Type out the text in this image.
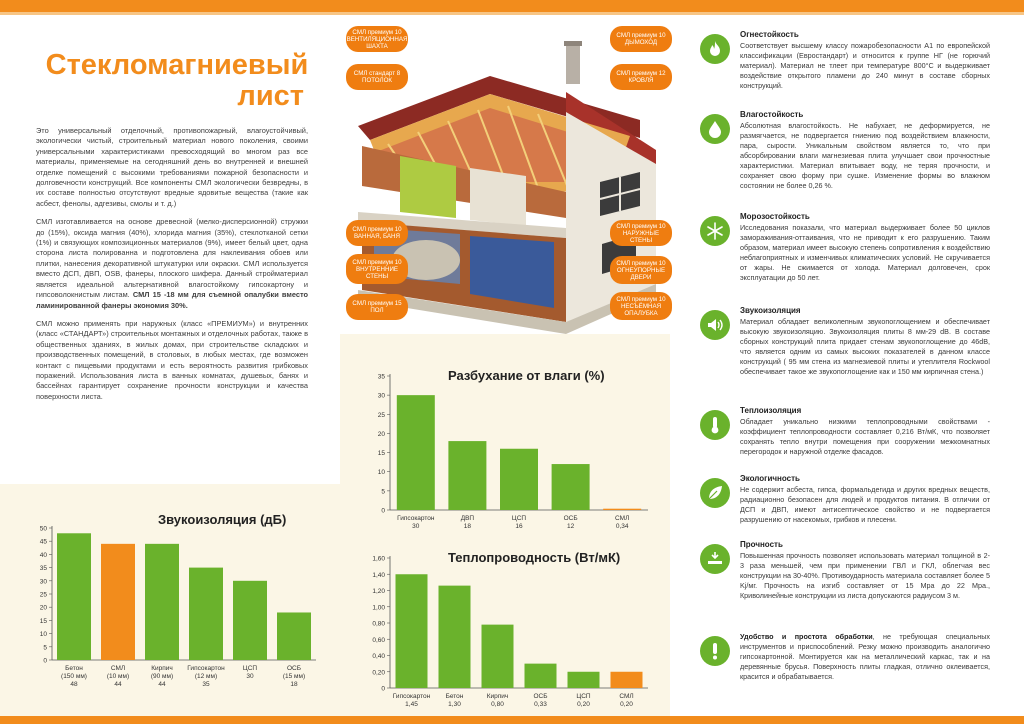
Стекломагниевый
лист

Это универсальный отделочный, противопожарный, влагоустойчивый, экологически чистый, строительный материал нового поколения, своими универсальными характеристиками превосходящий во многом раз все материалы, применяемые на сегодняшний день во внутренней и внешней отделке помещений с высокими требованиями пожарной безопасности и долговечности конструкций. Все компоненты СМЛ экологически безвредны, в их составе полностью отсутствуют вредные ядовитые вещества (такие как асбест, фенолы, адгезивы, смолы и т. д.)

СМЛ изготавливается на основе древесной (мелко-дисперсионной) стружки до (15%), оксида магния (40%), хлорида магния (35%), стеклотканой сетки (1%) и связующих композиционных материалов (9%), имеет белый цвет, одна сторона листа полированна и подготовлена для наклеивания обоев или плитки, нанесения декоративной штукатурки или окраски. СМЛ используется вместо ДСП, ДВП, OSB, фанеры, плоского шифера. Данный стройматериал является идеальной альтернативной влагостойкому гипсокартону и гипсоволокнистым листам. СМЛ 15 -18 мм для съемной опалубки вместо ламинированной фанеры экономия 30%.

СМЛ можно применять при наружных (класс «ПРЕМИУМ») и внутренних (класс «СТАНДАРТ») строительных монтажных и отделочных работах, также в общественных зданиях, в жилых домах, при строительстве складских и производственных помещений, в столовых, в любых местах, где возможен контакт с пищевыми продуктами и есть вероятность развития грибковых поражений. Использования листа в ванных комнатах, душевых, банях и бассейнах гарантирует сохранение прочности конструкции и качества поверхности листа.

СМЛ премиум 10 ВЕНТИЛЯЦИОННАЯ ШАХТА
СМЛ стандарт 8 ПОТОЛОК
СМЛ премиум 10 ДЫМОХОД
СМЛ премиум 12 КРОВЛЯ
СМЛ премиум 10 ВАННАЯ, БАНЯ
СМЛ премиум 10 ВНУТРЕННИЕ СТЕНЫ
СМЛ премиум 15 ПОЛ
СМЛ премиум 10 НАРУЖНЫЕ СТЕНЫ
СМЛ премиум 10 ОГНЕУПОРНЫЕ ДВЕРИ
СМЛ премиум 10 НЕСЪЁМНАЯ ОПАЛУБКА
Звукоизоляция (дБ)
Разбухание от влаги (%)
Теплопроводность (Вт/мК)
0
5
10
15
20
25
30
35
40
45
50
Бетон
(150 мм)
48
СМЛ
(10 мм)
44
Кирпич
(90 мм)
44
Гипсокартон
(12 мм)
35
ЦСП
30
ОСБ
(15 мм)
18
0
5
10
15
20
25
30
35
Гипсокартон
30
ДВП
18
ЦСП
16
ОСБ
12
СМЛ
0,34
0
0,20
0,40
0,60
0,80
1,00
1,20
1,40
1,60
Гипсокартон
1,45
Бетон
1,30
Кирпич
0,80
ОСБ
0,33
ЦСП
0,20
СМЛ
0,20
Огнестойкость
Соответствует высшему классу пожаробезопасности А1 по европейской классификации (Евростандарт) и относится к группе НГ (не горючий материал). Материал не тлеет при температуре 800°С и выдерживает воздействие открытого пламени до 240 минут в составе сборных конструкций.
Влагостойкость
Абсолютная влагостойкость. Не набухает, не деформируется, не размягчается, не подвергается гниению под воздействием влажности, пара, сырости. Уникальным свойством является то, что при абсорбировании влаги магнезиевая плита улучшает свои прочностные характеристики. Материал впитывает воду, не теряя прочности, и сохраняет свою форму при сушке. Изменение формы во влажном состоянии не более 0,26 %.
Морозостойкость
Исследования показали, что материал выдерживает более 50 циклов замораживания-оттаивания, что не приводит к его разрушению. Таким образом, материал имеет высокую степень сопротивления к воздействию неблагоприятных и изменчивых климатических условий. Не скручивается от жары. Не сжимается от холода. Материал долговечен, срок эксплуатации до 50 лет.
Звукоизоляция
Материал обладает великолепным звукопоглощением и обеспечивает высокую звукоизоляцию. Звукоизоляция плиты 8 мм-29 dB. В составе сборных конструкций плита придает стенам звукопоглощение до 46dB, что является одним из самых высоких показателей в данном классе конструкций ( 95 мм стена из магнезиевой плиты и утеплителя Rockwool обеспечивает такое же звукопоглощение как и 150 мм кирпичная стена.)
Теплоизоляция
Обладает уникально низкими теплопроводными свойствами - коэффициент теплопроводности составляет 0,216 Вт/мК, что позволяет сохранять тепло внутри помещения при сооружении межкомнатных перегородок и наружной отделке фасадов.
Экологичность
Не содержит асбеста, гипса, формальдегида и других вредных веществ, радиационно безопасен для людей и продуктов питания. В отличии от ДСП и ДВП, имеют антисептическое свойство и не подвергается разрушению от насекомых, грибков и плесени.
Прочность
Повышенная прочность позволяет использовать материал толщиной в 2-3 раза меньшей, чем при применении ГВЛ и ГКЛ, облегчая вес конструкции на 30-40%. Противоударность материала составляет более 5 Kj/мг. Прочность на изгиб составляет от 15 Мра до 22 Мра., Криволинейные конструкции из листа допускаются радиусом 3 м.
Удобство и простота обработки, не требующая специальных инструментов и приспособлений. Резку можно производить аналогично гипсокартонной. Монтируется как на металлический каркас, так и на деревянные брусья. Поверхность плиты гладкая, отлично оклеивается, красится и обрабатывается.
